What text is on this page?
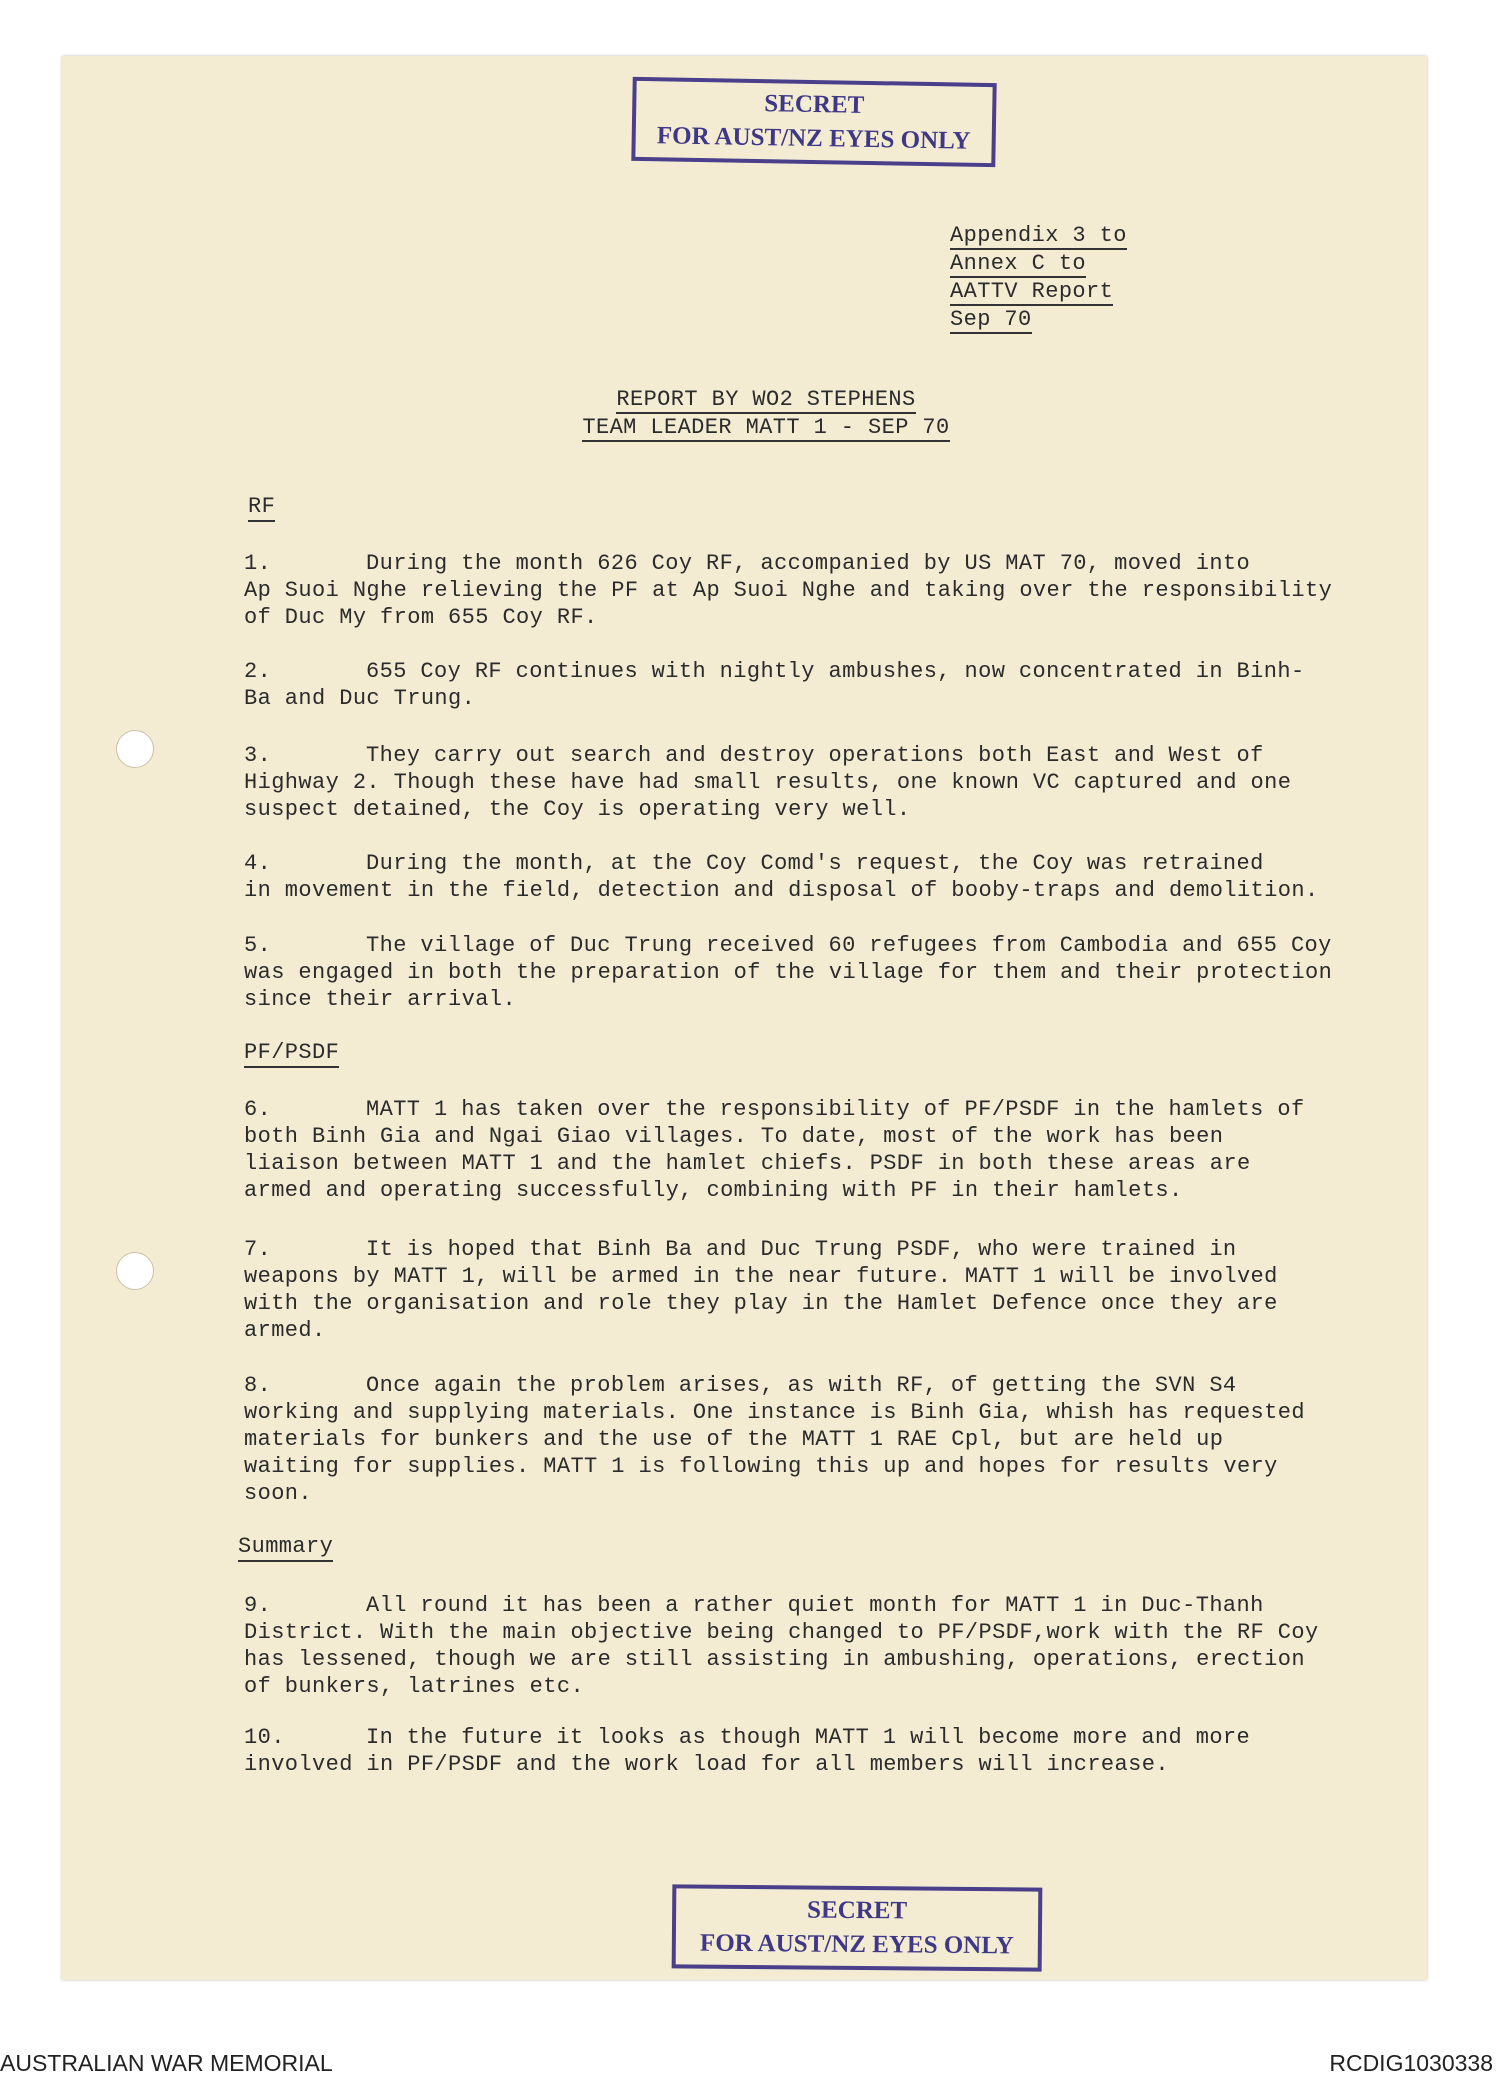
SECRET
FOR AUST/NZ EYES ONLY
Appendix 3 to
Annex C to
AATTV Report
Sep 70
REPORT BY WO2 STEPHENS
TEAM LEADER MATT 1 - SEP 70
RF
1.	During the month 626 Coy RF, accompanied by US MAT 70, moved into
Ap Suoi Nghe relieving the PF at Ap Suoi Nghe and taking over the responsibility
of Duc My from 655 Coy RF.
2.	655 Coy RF continues with nightly ambushes, now concentrated in Binh-
Ba and Duc Trung.
3.	They carry out search and destroy operations both East and West of
Highway 2. Though these have had small results, one known VC captured and one
suspect detained, the Coy is operating very well.
4.	During the month, at the Coy Comd's request, the Coy was retrained
in movement in the field, detection and disposal of booby-traps and demolition.
5.	The village of Duc Trung received 60 refugees from Cambodia and 655 Coy
was engaged in both the preparation of the village for them and their protection
since their arrival.
PF/PSDF
6.	MATT 1 has taken over the responsibility of PF/PSDF in the hamlets of
both Binh Gia and Ngai Giao villages. To date, most of the work has been
liaison between MATT 1 and the hamlet chiefs. PSDF in both these areas are
armed and operating successfully, combining with PF in their hamlets.
7.	It is hoped that Binh Ba and Duc Trung PSDF, who were trained in
weapons by MATT 1, will be armed in the near future. MATT 1 will be involved
with the organisation and role they play in the Hamlet Defence once they are
armed.
8.	Once again the problem arises, as with RF, of getting the SVN S4
working and supplying materials. One instance is Binh Gia, whish has requested
materials for bunkers and the use of the MATT 1 RAE Cpl, but are held up
waiting for supplies. MATT 1 is following this up and hopes for results very
soon.
Summary
9.	All round it has been a rather quiet month for MATT 1 in Duc-Thanh
District. With the main objective being changed to PF/PSDF,work with the RF Coy
has lessened, though we are still assisting in ambushing, operations, erection
of bunkers, latrines etc.
10.	In the future it looks as though MATT 1 will become more and more
involved in PF/PSDF and the work load for all members will increase.
SECRET
FOR AUST/NZ EYES ONLY
AUSTRALIAN WAR MEMORIAL	RCDIG1030338
